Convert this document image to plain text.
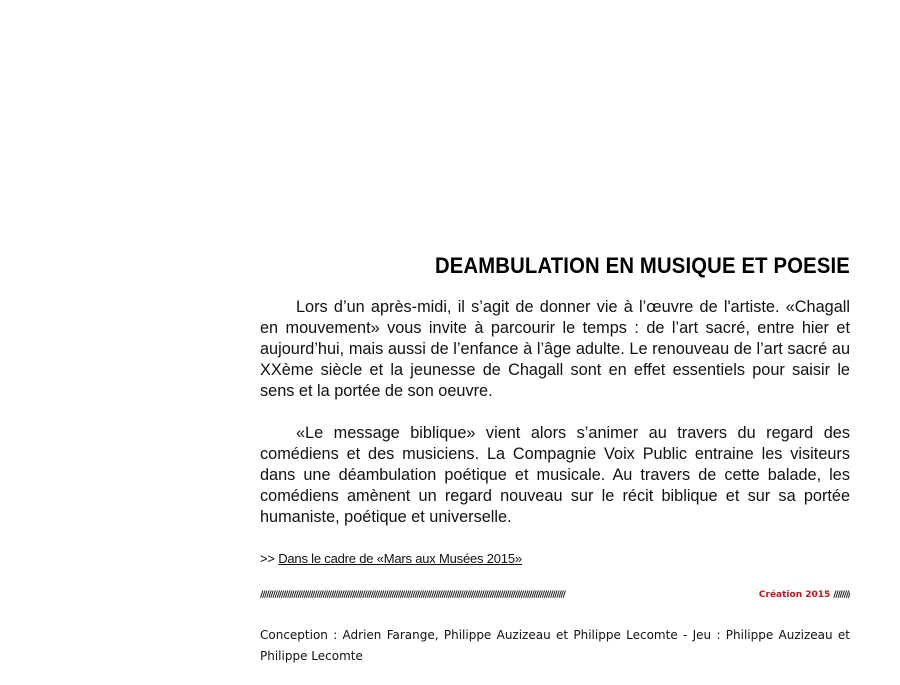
DEAMBULATION EN MUSIQUE ET POESIE

Lors d’un après-midi, il s’agit de donner vie à l’œuvre de l'artiste. «Chagall en mouvement» vous invite à parcourir le temps : de l’art sacré, entre hier et aujourd’hui, mais aussi de l’enfance à l’âge adulte. Le renouveau de l’art sacré au XXème siècle et la jeunesse de Chagall sont en effet essentiels pour saisir le sens et la portée de son oeuvre.

«Le message biblique» vient alors s’animer au travers du regard des comédiens et des musiciens. La Compagnie Voix Public entraine les visiteurs dans une déambulation poétique et musicale. Au travers de cette balade, les comédiens amènent un regard nouveau sur le récit biblique et sur sa portée humaniste, poétique et universelle.

>> Dans le cadre de «Mars aux Musées 2015»
//////////////////////////////////////////////////////////////////////////////////////////////////////////////////////////////////////////////////	Création 2015 ////////

Conception : Adrien Farange, Philippe Auzizeau et Philippe Lecomte - Jeu : Philippe Auzizeau et Philippe Lecomte
